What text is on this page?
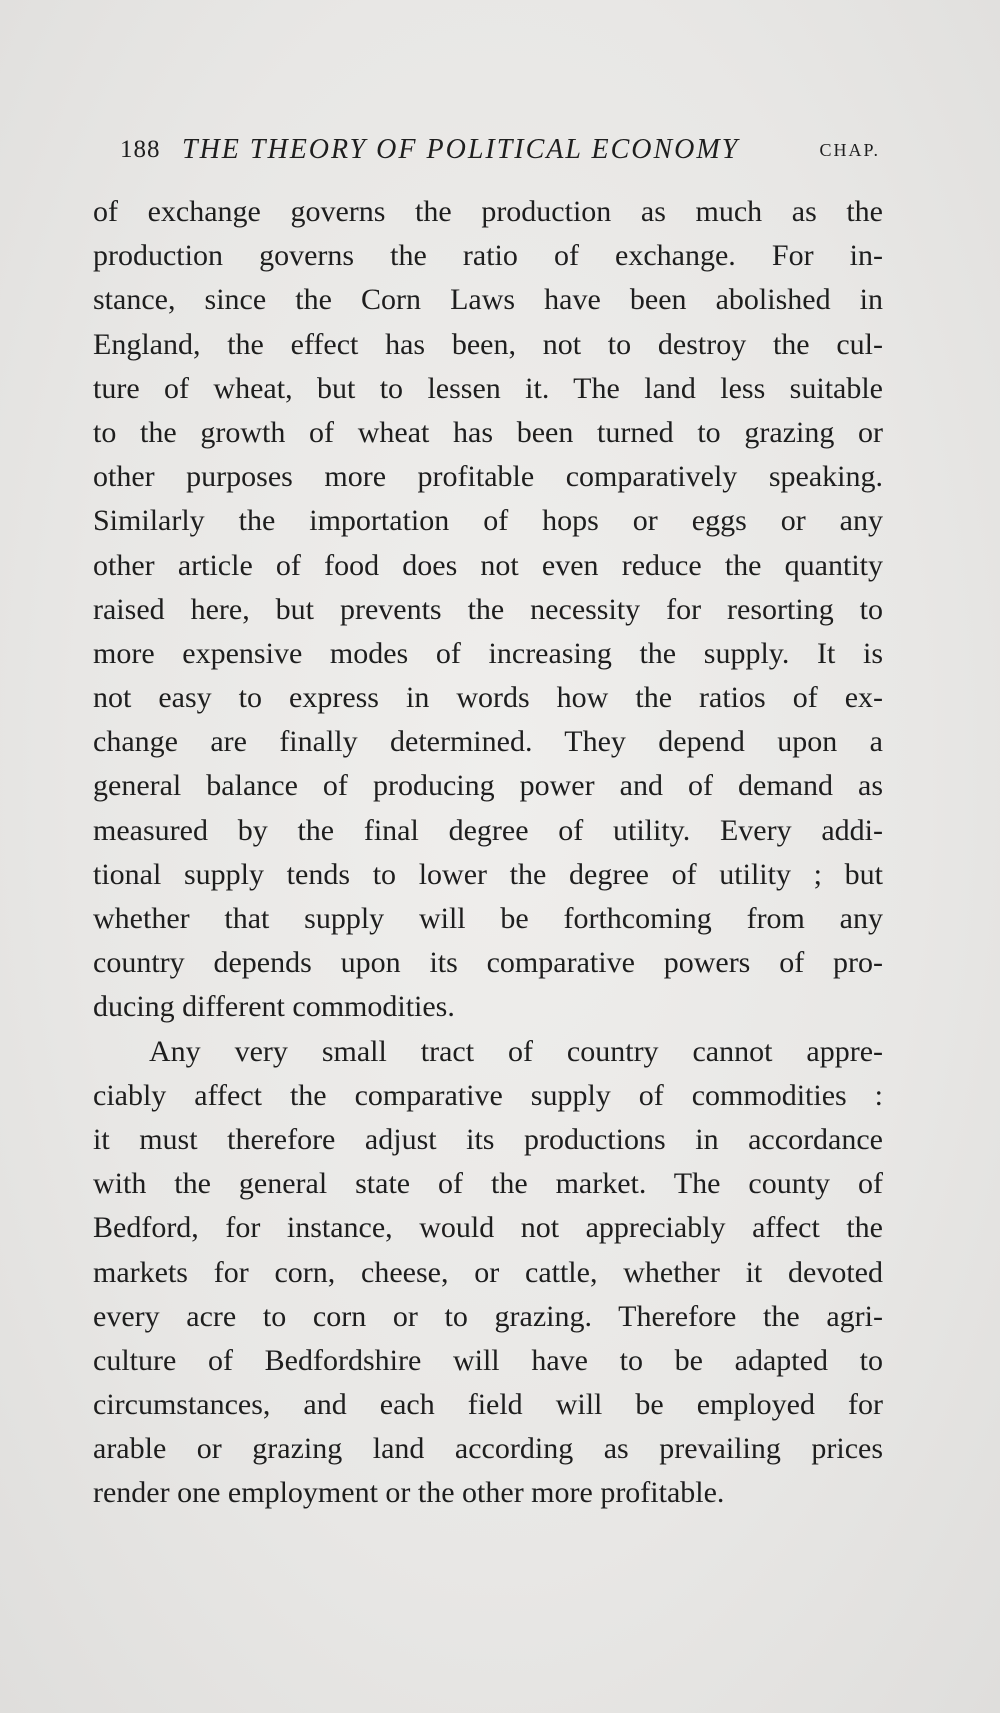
188 THE THEORY OF POLITICAL ECONOMY	CHAP.
of exchange governs the production as much as the
production governs the ratio of exchange. For in-
stance, since the Corn Laws have been abolished in
England, the effect has been, not to destroy the cul-
ture of wheat, but to lessen it. The land less suitable
to the growth of wheat has been turned to grazing or
other purposes more profitable comparatively speaking.
Similarly the importation of hops or eggs or any
other article of food does not even reduce the quantity
raised here, but prevents the necessity for resorting to
more expensive modes of increasing the supply. It is
not easy to express in words how the ratios of ex-
change are finally determined. They depend upon a
general balance of producing power and of demand as
measured by the final degree of utility. Every addi-
tional supply tends to lower the degree of utility ; but
whether that supply will be forthcoming from any
country depends upon its comparative powers of pro-
ducing different commodities.
Any very small tract of country cannot appre-
ciably affect the comparative supply of commodities :
it must therefore adjust its productions in accordance
with the general state of the market. The county of
Bedford, for instance, would not appreciably affect the
markets for corn, cheese, or cattle, whether it devoted
every acre to corn or to grazing. Therefore the agri-
culture of Bedfordshire will have to be adapted to
circumstances, and each field will be employed for
arable or grazing land according as prevailing prices
render one employment or the other more profitable.
